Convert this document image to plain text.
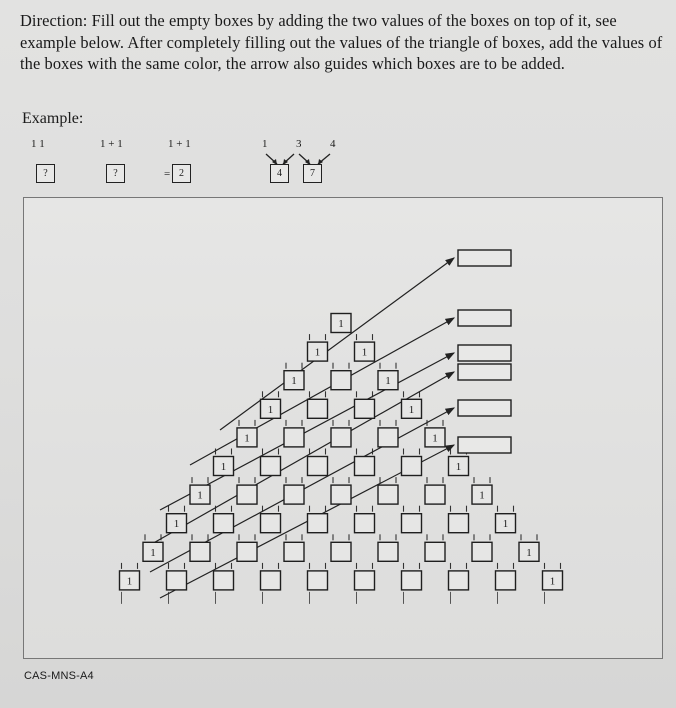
Direction: Fill out the empty boxes by adding the two values of the boxes on top of it, see example below. After completely filling out the values of the triangle of boxes, add the values of the boxes with the same color, the arrow also guides which boxes are to be added.

Example:
1 1
?
1 + 1
?
1 + 1
= 2
1	3	4
4	7
1
1	1
1	1
1	1
1	1
1	1
1	1
1	1
1	1
1	1
CAS-MNS-A4
